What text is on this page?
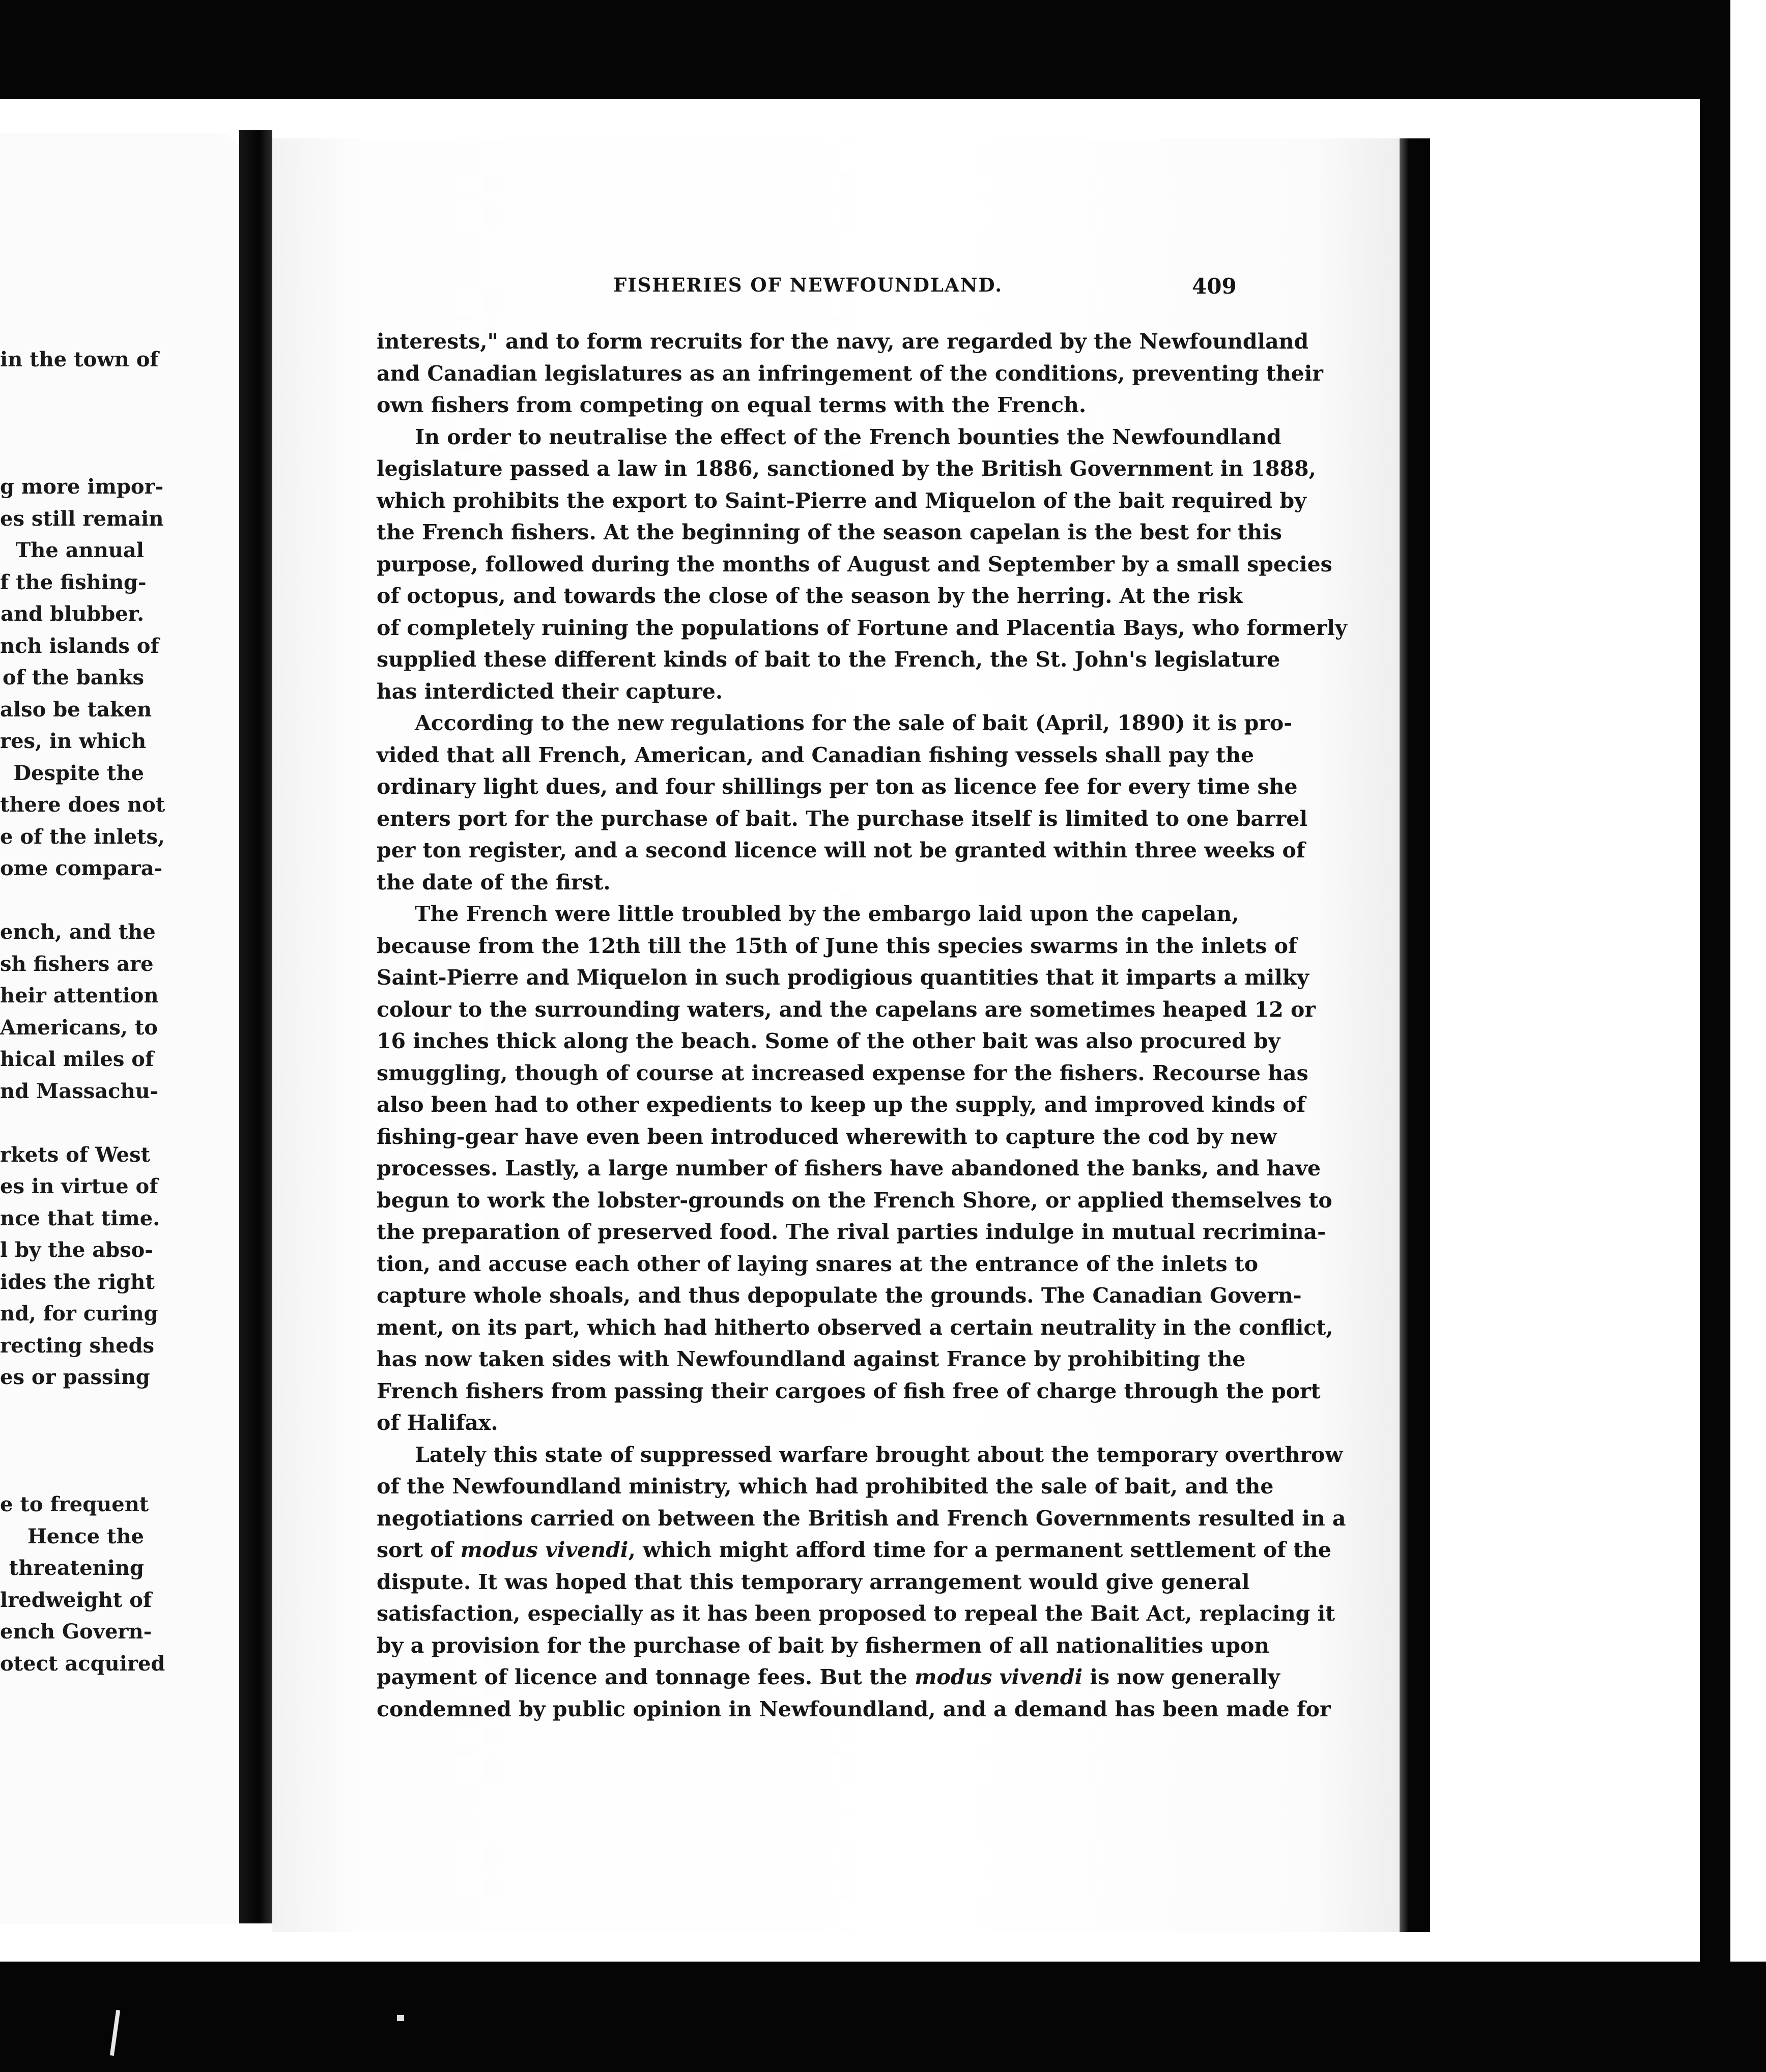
in the town of
g more impor-
es still remain
The annual
f the fishing-
and blubber.
nch islands of
of the banks
also be taken
res, in which
Despite the
there does not
e of the inlets,
ome compara-
ench, and the
sh fishers are
heir attention
Americans, to
hical miles of
nd Massachu-
rkets of West
es in virtue of
nce that time.
l by the abso-
ides the right
nd, for curing
recting sheds
es or passing
e to frequent
Hence the
threatening
lredweight of
ench Govern-
otect acquired
FISHERIES OF NEWFOUNDLAND.	409
interests," and to form recruits for the navy, are regarded by the Newfoundland
and Canadian legislatures as an infringement of the conditions, preventing their
own fishers from competing on equal terms with the French.
In order to neutralise the effect of the French bounties the Newfoundland
legislature passed a law in 1886, sanctioned by the British Government in 1888,
which prohibits the export to Saint-Pierre and Miquelon of the bait required by
the French fishers. At the beginning of the season capelan is the best for this
purpose, followed during the months of August and September by a small species
of octopus, and towards the close of the season by the herring. At the risk
of completely ruining the populations of Fortune and Placentia Bays, who formerly
supplied these different kinds of bait to the French, the St. John's legislature
has interdicted their capture.
According to the new regulations for the sale of bait (April, 1890) it is pro-
vided that all French, American, and Canadian fishing vessels shall pay the
ordinary light dues, and four shillings per ton as licence fee for every time she
enters port for the purchase of bait. The purchase itself is limited to one barrel
per ton register, and a second licence will not be granted within three weeks of
the date of the first.
The French were little troubled by the embargo laid upon the capelan,
because from the 12th till the 15th of June this species swarms in the inlets of
Saint-Pierre and Miquelon in such prodigious quantities that it imparts a milky
colour to the surrounding waters, and the capelans are sometimes heaped 12 or
16 inches thick along the beach. Some of the other bait was also procured by
smuggling, though of course at increased expense for the fishers. Recourse has
also been had to other expedients to keep up the supply, and improved kinds of
fishing-gear have even been introduced wherewith to capture the cod by new
processes. Lastly, a large number of fishers have abandoned the banks, and have
begun to work the lobster-grounds on the French Shore, or applied themselves to
the preparation of preserved food. The rival parties indulge in mutual recrimina-
tion, and accuse each other of laying snares at the entrance of the inlets to
capture whole shoals, and thus depopulate the grounds. The Canadian Govern-
ment, on its part, which had hitherto observed a certain neutrality in the conflict,
has now taken sides with Newfoundland against France by prohibiting the
French fishers from passing their cargoes of fish free of charge through the port
of Halifax.
Lately this state of suppressed warfare brought about the temporary overthrow
of the Newfoundland ministry, which had prohibited the sale of bait, and the
negotiations carried on between the British and French Governments resulted in a
sort of modus vivendi, which might afford time for a permanent settlement of the
dispute. It was hoped that this temporary arrangement would give general
satisfaction, especially as it has been proposed to repeal the Bait Act, replacing it
by a provision for the purchase of bait by fishermen of all nationalities upon
payment of licence and tonnage fees. But the modus vivendi is now generally
condemned by public opinion in Newfoundland, and a demand has been made for
